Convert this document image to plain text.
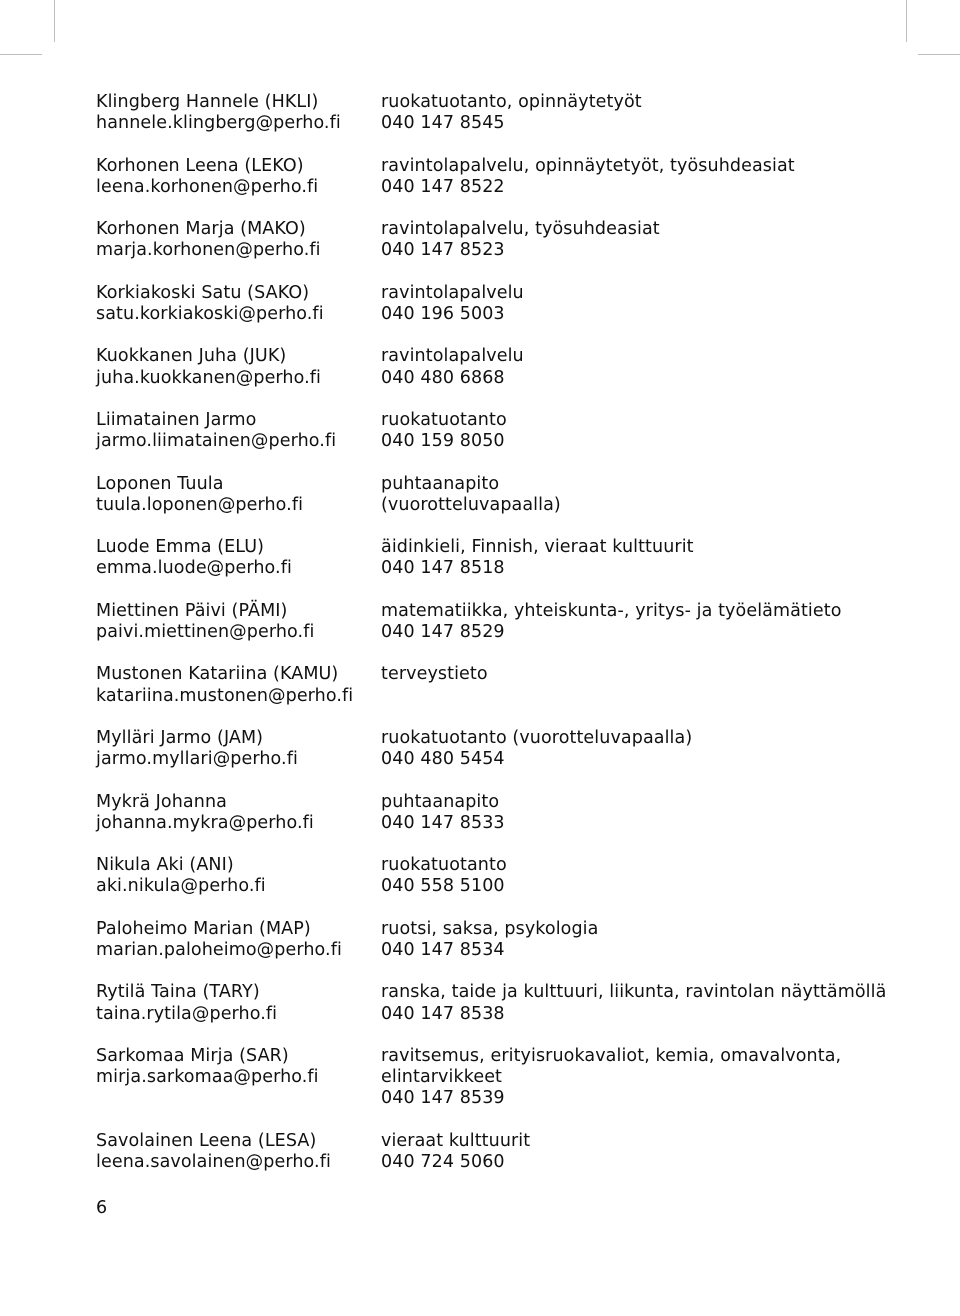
Klingberg Hannele (HKLI)
hannele.klingberg@perho.fi
ruokatuotanto, opinnäytetyöt
040 147 8545
Korhonen Leena (LEKO)
leena.korhonen@perho.fi
ravintolapalvelu, opinnäytetyöt, työsuhdeasiat
040 147 8522
Korhonen Marja (MAKO)
marja.korhonen@perho.fi
ravintolapalvelu, työsuhdeasiat
040 147 8523
Korkiakoski Satu (SAKO)
satu.korkiakoski@perho.fi
ravintolapalvelu
040 196 5003
Kuokkanen Juha (JUK)
juha.kuokkanen@perho.fi
ravintolapalvelu
040 480 6868
Liimatainen Jarmo
jarmo.liimatainen@perho.fi
ruokatuotanto
040 159 8050
Loponen Tuula
tuula.loponen@perho.fi
puhtaanapito
(vuorotteluvapaalla)
Luode Emma (ELU)
emma.luode@perho.fi
äidinkieli, Finnish, vieraat kulttuurit
040 147 8518
Miettinen Päivi (PÄMI)
paivi.miettinen@perho.fi
matematiikka, yhteiskunta-, yritys- ja työelämätieto
040 147 8529
Mustonen Katariina (KAMU)
katariina.mustonen@perho.fi
terveystieto
Mylläri Jarmo (JAM)
jarmo.myllari@perho.fi
ruokatuotanto (vuorotteluvapaalla)
040 480 5454
Mykrä Johanna
johanna.mykra@perho.fi
puhtaanapito
040 147 8533
Nikula Aki (ANI)
aki.nikula@perho.fi
ruokatuotanto
040 558 5100
Paloheimo Marian (MAP)
marian.paloheimo@perho.fi
ruotsi, saksa, psykologia
040 147 8534
Rytilä Taina (TARY)
taina.rytila@perho.fi
ranska, taide ja kulttuuri, liikunta, ravintolan näyttämöllä
040 147 8538
Sarkomaa Mirja (SAR)
mirja.sarkomaa@perho.fi
ravitsemus, erityisruokavaliot, kemia, omavalvonta,
elintarvikkeet
040 147 8539
Savolainen Leena (LESA)
leena.savolainen@perho.fi
vieraat kulttuurit
040 724 5060
6
